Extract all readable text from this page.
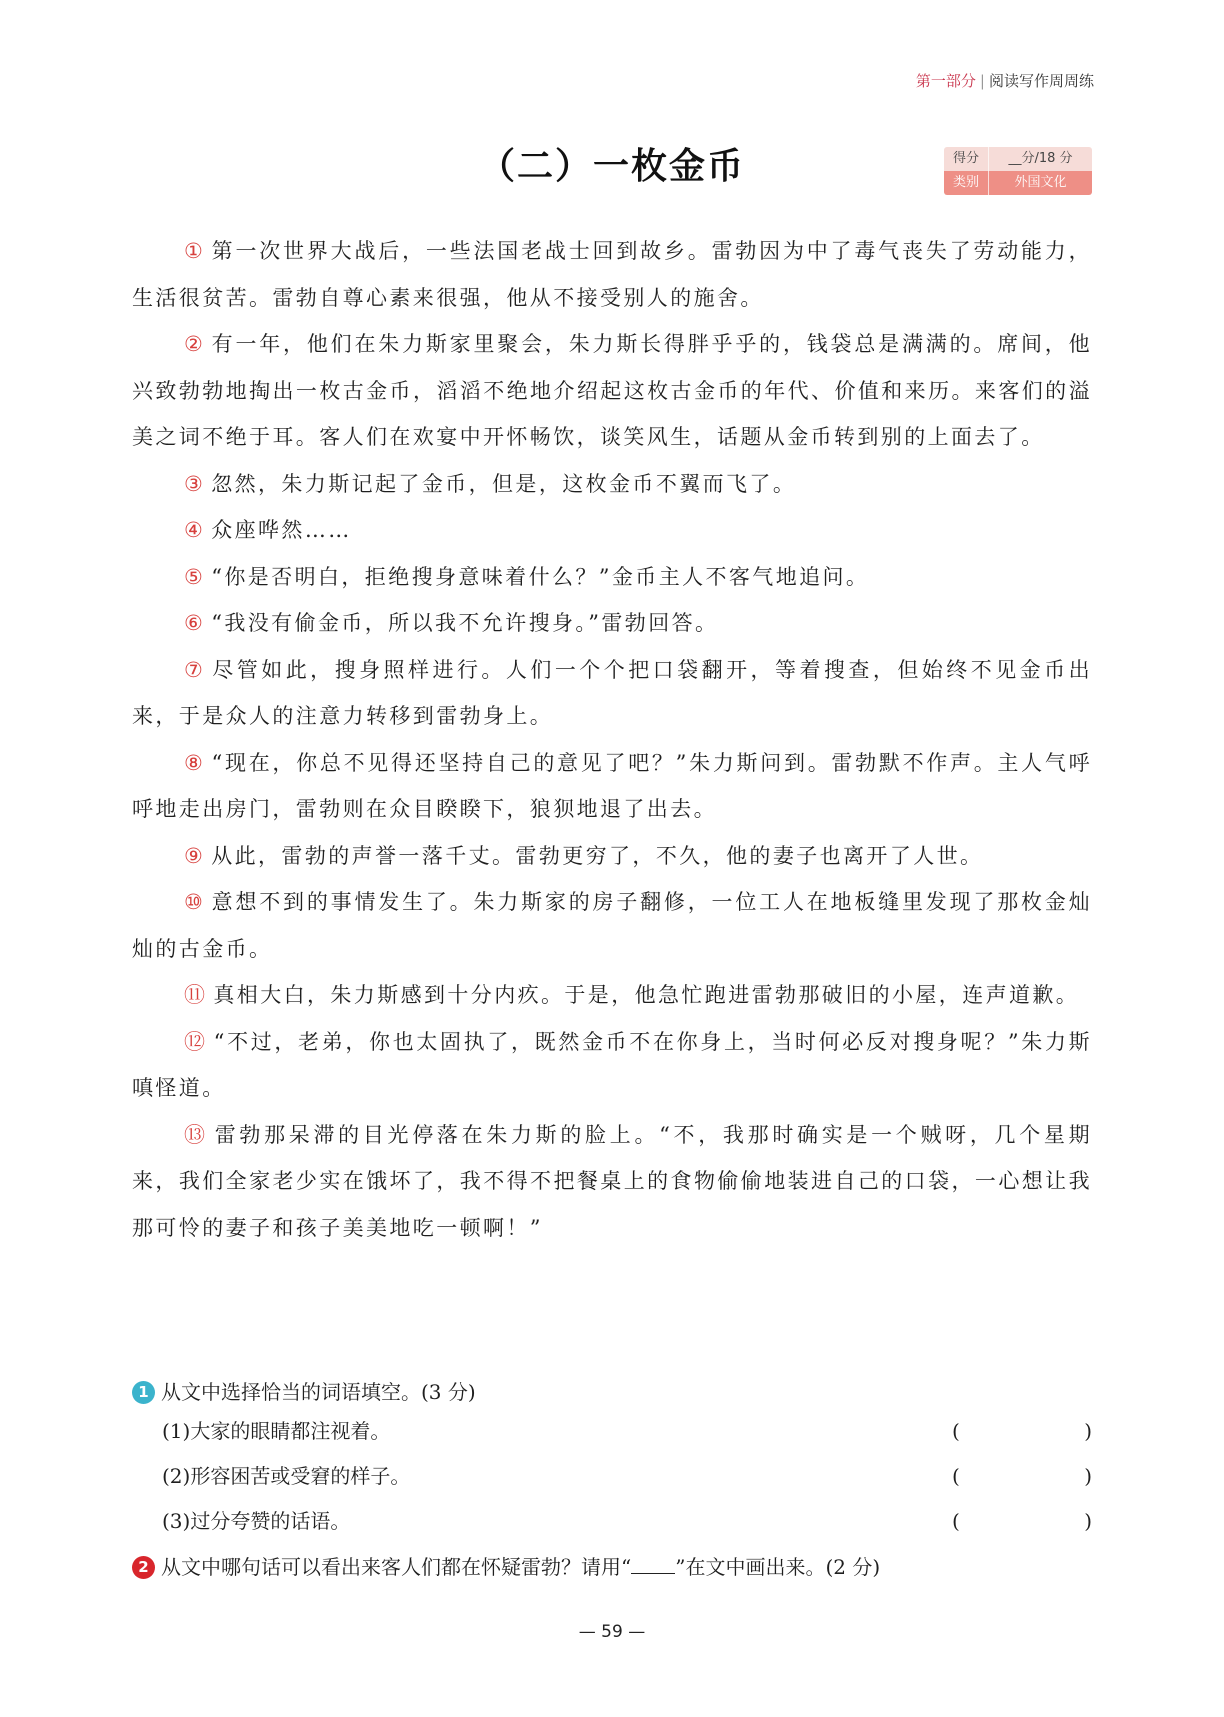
第一部分 | 阅读写作周周练
（二）一枚金币	得分	__分/18 分
类别	外国文化

① 第一次世界大战后，一些法国老战士回到故乡。雷勃因为中了毒气丧失了劳动能力，生活很贫苦。雷勃自尊心素来很强，他从不接受别人的施舍。

② 有一年，他们在朱力斯家里聚会，朱力斯长得胖乎乎的，钱袋总是满满的。席间，他兴致勃勃地掏出一枚古金币，滔滔不绝地介绍起这枚古金币的年代、价值和来历。来客们的溢美之词不绝于耳。客人们在欢宴中开怀畅饮，谈笑风生，话题从金币转到别的上面去了。

③ 忽然，朱力斯记起了金币，但是，这枚金币不翼而飞了。

④ 众座哗然……

⑤ “你是否明白，拒绝搜身意味着什么？”金币主人不客气地追问。

⑥ “我没有偷金币，所以我不允许搜身。”雷勃回答。

⑦ 尽管如此，搜身照样进行。人们一个个把口袋翻开，等着搜查，但始终不见金币出来，于是众人的注意力转移到雷勃身上。

⑧ “现在，你总不见得还坚持自己的意见了吧？”朱力斯问到。雷勃默不作声。主人气呼呼地走出房门，雷勃则在众目睽睽下，狼狈地退了出去。

⑨ 从此，雷勃的声誉一落千丈。雷勃更穷了，不久，他的妻子也离开了人世。

⑩ 意想不到的事情发生了。朱力斯家的房子翻修，一位工人在地板缝里发现了那枚金灿灿的古金币。

⑪ 真相大白，朱力斯感到十分内疚。于是，他急忙跑进雷勃那破旧的小屋，连声道歉。

⑫ “不过，老弟，你也太固执了，既然金币不在你身上，当时何必反对搜身呢？”朱力斯嗔怪道。

⑬ 雷勃那呆滞的目光停落在朱力斯的脸上。“不，我那时确实是一个贼呀，几个星期来，我们全家老少实在饿坏了，我不得不把餐桌上的食物偷偷地装进自己的口袋，一心想让我那可怜的妻子和孩子美美地吃一顿啊！”

1 从文中选择恰当的词语填空。(3 分)
(1)大家的眼睛都注视着。	(	)
(2)形容困苦或受窘的样子。	(	)
(3)过分夸赞的话语。	(	)
2 从文中哪句话可以看出来客人们都在怀疑雷勃？请用“ ”在文中画出来。(2 分)
— 59 —
